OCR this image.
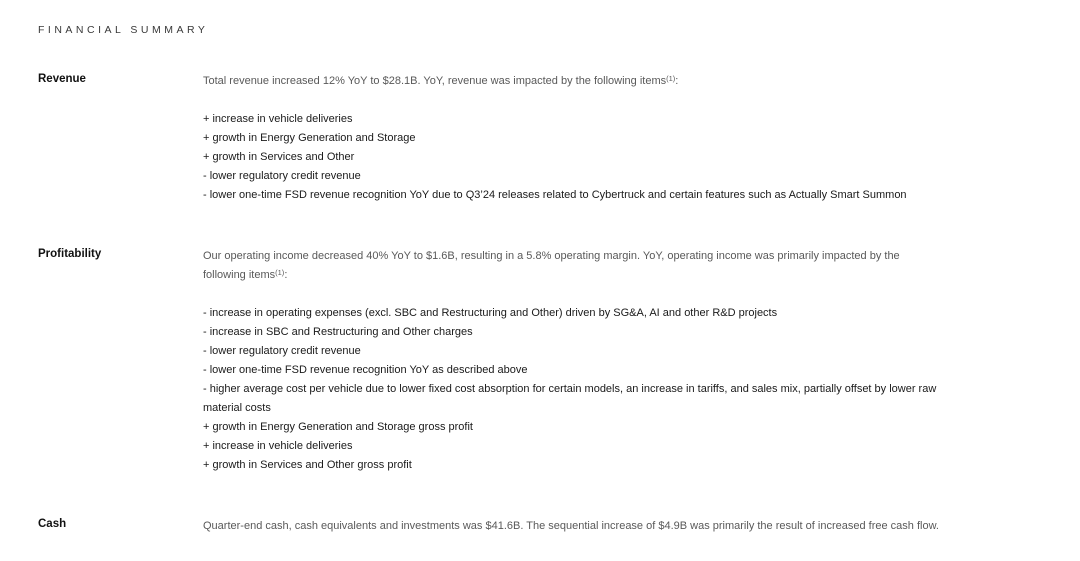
FINANCIAL SUMMARY
Revenue	Total revenue increased 12% YoY to $28.1B. YoY, revenue was impacted by the following items$^{(1)}$:

+ increase in vehicle deliveries
+ growth in Energy Generation and Storage
+ growth in Services and Other
- lower regulatory credit revenue
- lower one-time FSD revenue recognition YoY due to Q3’24 releases related to Cybertruck and certain features such as Actually Smart Summon
Profitability	Our operating income decreased 40% YoY to $1.6B, resulting in a 5.8% operating margin. YoY, operating income was primarily impacted by the following items$^{(1)}$:

- increase in operating expenses (excl. SBC and Restructuring and Other) driven by SG&A, AI and other R&D projects
- increase in SBC and Restructuring and Other charges
- lower regulatory credit revenue
- lower one-time FSD revenue recognition YoY as described above
- higher average cost per vehicle due to lower fixed cost absorption for certain models, an increase in tariffs, and sales mix, partially offset by lower raw material costs
+ growth in Energy Generation and Storage gross profit
+ increase in vehicle deliveries
+ growth in Services and Other gross profit
Cash	Quarter-end cash, cash equivalents and investments was $41.6B. The sequential increase of $4.9B was primarily the result of increased free cash flow.
